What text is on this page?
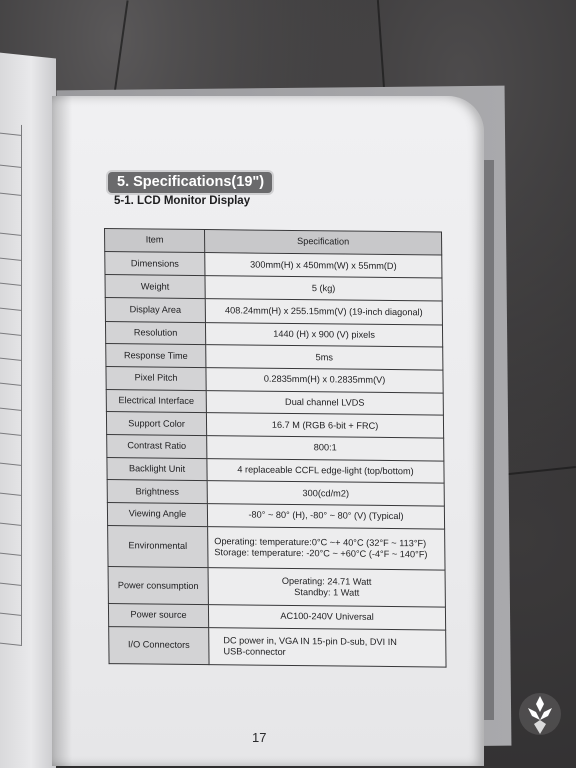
5. Specifications(19")
5-1. LCD Monitor Display
Item	Specification
Dimensions	300mm(H) x 450mm(W) x 55mm(D)

Weight	5 (kg)

Display Area	408.24mm(H) x 255.15mm(V) (19-inch diagonal)

Resolution	1440 (H) x 900 (V) pixels

Response Time	5ms

Pixel Pitch	0.2835mm(H) x 0.2835mm(V)

Electrical Interface	Dual channel LVDS

Support Color	16.7 M (RGB 6-bit + FRC)

Contrast Ratio	800:1

Backlight Unit	4 replaceable CCFL edge-light (top/bottom)

Brightness	300(cd/m2)

Viewing Angle	-80° ~ 80° (H), -80° ~ 80° (V) (Typical)

Environmental	Operating: temperature:0°C ~+ 40°C (32°F ~ 113°F)
Storage: temperature: -20°C ~ +60°C (-4°F ~ 140°F)

Power consumption	Operating: 24.71 Watt
Standby: 1 Watt

Power source	AC100-240V Universal

I/O Connectors	DC power in, VGA IN 15-pin D-sub, DVI IN
USB-connector
17
